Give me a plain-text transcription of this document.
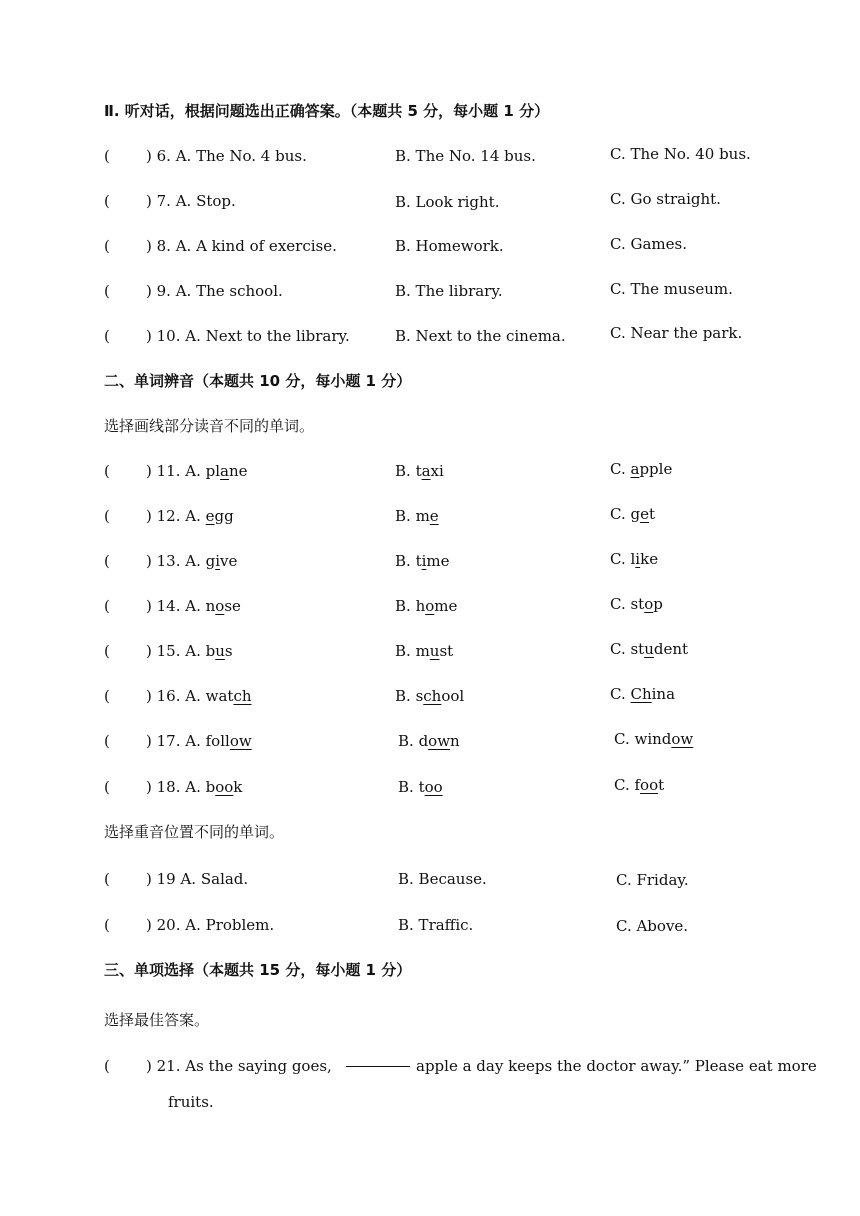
Ⅱ. 听对话，根据问题选出正确答案。（本题共 5 分，每小题 1 分）
( ) 6. A. The No. 4 bus.	B. The No. 14 bus.	C. The No. 40 bus.
( ) 7. A. Stop.	B. Look right.	C. Go straight.
( ) 8. A. A kind of exercise.	B. Homework.	C. Games.
( ) 9. A. The school.	B. The library.	C. The museum.
( ) 10. A. Next to the library.	B. Next to the cinema.	C. Near the park.
二、单词辨音（本题共 10 分，每小题 1 分）
选择画线部分读音不同的单词。
( ) 11. A. plane	B. taxi	C. apple
( ) 12. A. egg	B. me	C. get
( ) 13. A. give	B. time	C. like
( ) 14. A. nose	B. home	C. stop
( ) 15. A. bus	B. must	C. student
( ) 16. A. watch	B. school	C. China
( ) 17. A. follow	B. down	C. window
( ) 18. A. book	B. too	C. foot
选择重音位置不同的单词。
( ) 19 A. Salad.	B. Because.	C. Friday.
( ) 20. A. Problem.	B. Traffic.	C. Above.
三、单项选择（本题共 15 分，每小题 1 分）
选择最佳答案。
( ) 21. As the saying goes,	apple a day keeps the doctor away.” Please eat more
fruits.
